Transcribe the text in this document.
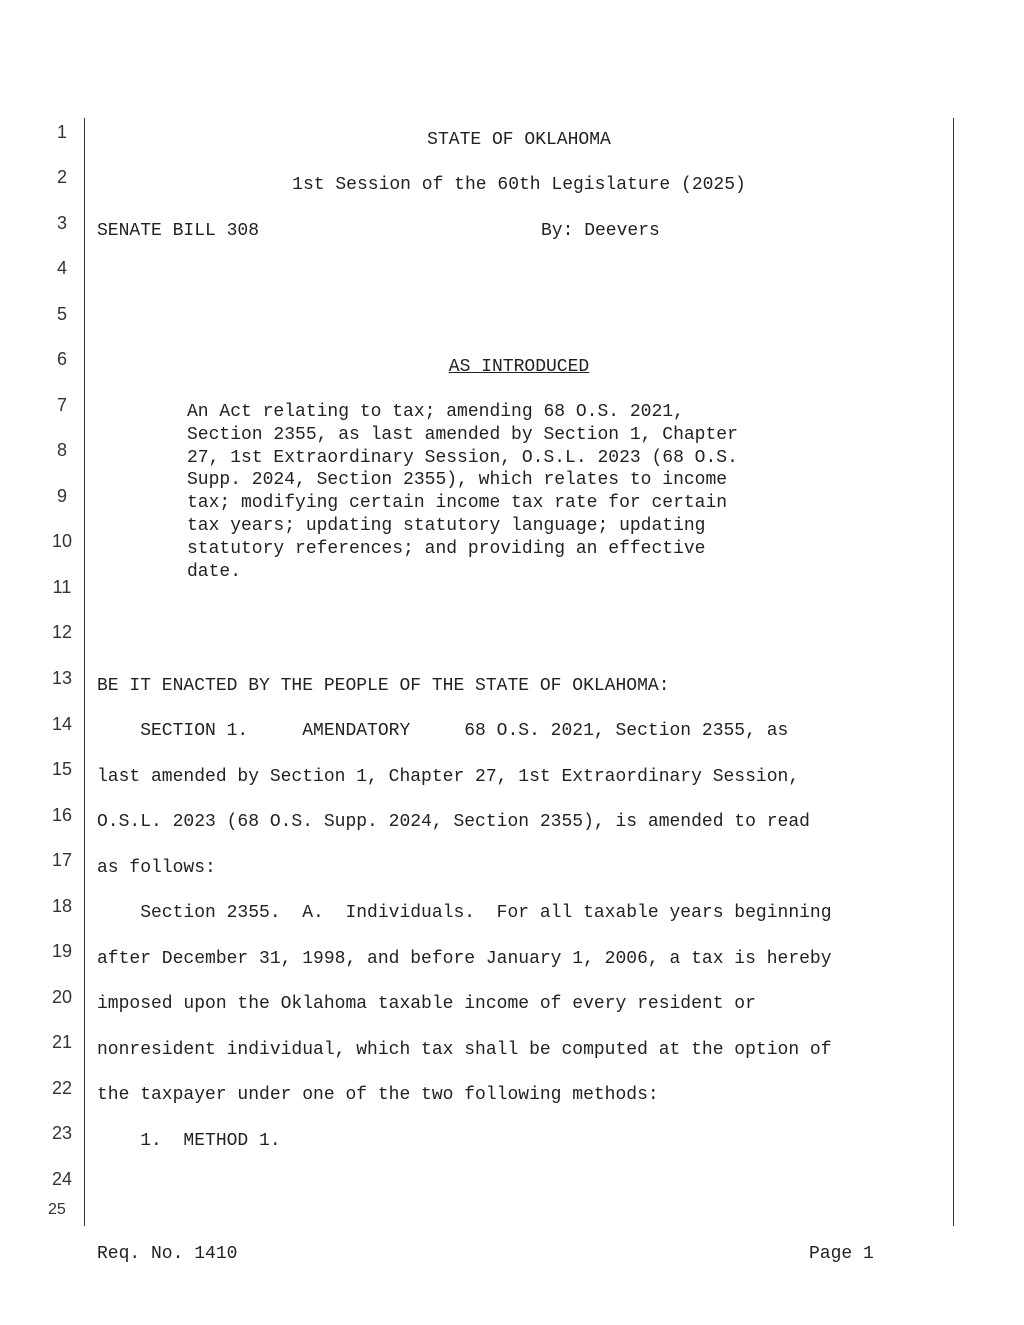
1
2
3
4
5
6
7
8
9
10
11
12
13
14
15
16
17
18
19
20
21
22
23
24
25
STATE OF OKLAHOMA
1st Session of the 60th Legislature (2025)
SENATE BILL 308	By: Deevers
AS INTRODUCED
An Act relating to tax; amending 68 O.S. 2021,
Section 2355, as last amended by Section 1, Chapter
27, 1st Extraordinary Session, O.S.L. 2023 (68 O.S.
Supp. 2024, Section 2355), which relates to income
tax; modifying certain income tax rate for certain
tax years; updating statutory language; updating
statutory references; and providing an effective
date.
BE IT ENACTED BY THE PEOPLE OF THE STATE OF OKLAHOMA:
SECTION 1.     AMENDATORY     68 O.S. 2021, Section 2355, as
last amended by Section 1, Chapter 27, 1st Extraordinary Session,
O.S.L. 2023 (68 O.S. Supp. 2024, Section 2355), is amended to read
as follows:
Section 2355.  A.  Individuals.  For all taxable years beginning
after December 31, 1998, and before January 1, 2006, a tax is hereby
imposed upon the Oklahoma taxable income of every resident or
nonresident individual, which tax shall be computed at the option of
the taxpayer under one of the two following methods:
1.  METHOD 1.
Req. No. 1410	Page 1
